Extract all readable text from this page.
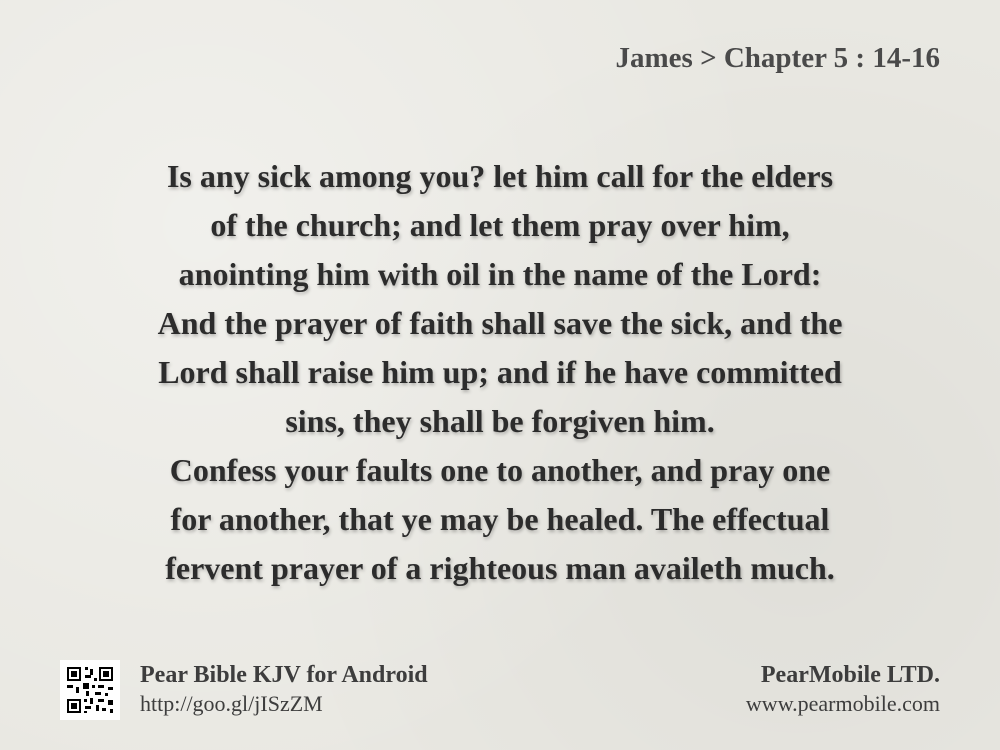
James > Chapter 5 : 14-16
Is any sick among you? let him call for the elders
of the church; and let them pray over him,
anointing him with oil in the name of the Lord:
And the prayer of faith shall save the sick, and the
Lord shall raise him up; and if he have committed
sins, they shall be forgiven him.
Confess your faults one to another, and pray one
for another, that ye may be healed. The effectual
fervent prayer of a righteous man availeth much.
Pear Bible KJV for Android
http://goo.gl/jISzZM
PearMobile LTD.
www.pearmobile.com
